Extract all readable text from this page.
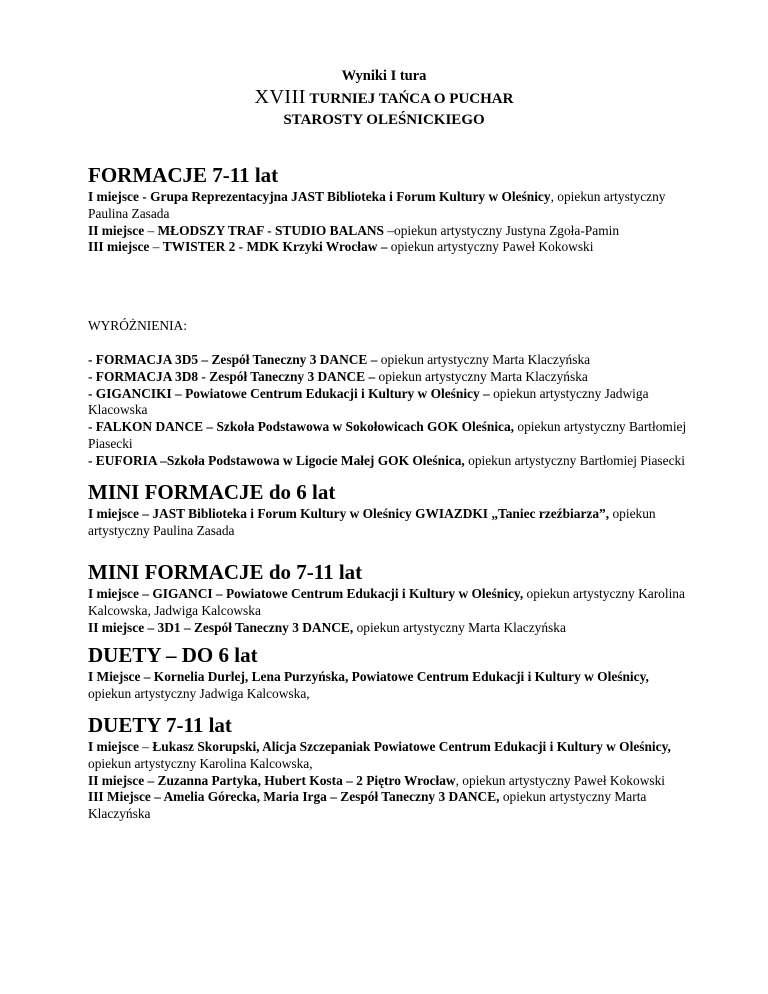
Wyniki I tura
XVIII TURNIEJ TAŃCA O PUCHAR
STAROSTY OLEŚNICKIEGO
FORMACJE 7-11 lat

I miejsce - Grupa Reprezentacyjna JAST Biblioteka i Forum Kultury w Oleśnicy, opiekun artystyczny Paulina Zasada

II miejsce – MŁODSZY TRAF - STUDIO BALANS –opiekun artystyczny Justyna Zgoła-Pamin

III miejsce – TWISTER 2 - MDK Krzyki Wrocław – opiekun artystyczny Paweł Kokowski

WYRÓŻNIENIA:

- FORMACJA 3D5 – Zespół Taneczny 3 DANCE – opiekun artystyczny Marta Klaczyńska

- FORMACJA 3D8 - Zespół Taneczny 3 DANCE – opiekun artystyczny Marta Klaczyńska

- GIGANCIKI – Powiatowe Centrum Edukacji i Kultury w Oleśnicy – opiekun artystyczny Jadwiga Klacowska

- FALKON DANCE – Szkoła Podstawowa w Sokołowicach GOK Oleśnica, opiekun artystyczny Bartłomiej Piasecki

- EUFORIA –Szkoła Podstawowa w Ligocie Małej GOK Oleśnica, opiekun artystyczny Bartłomiej Piasecki

MINI FORMACJE do 6 lat

I miejsce – JAST Biblioteka i Forum Kultury w Oleśnicy GWIAZDKI „Taniec rzeźbiarza”, opiekun artystyczny Paulina Zasada

MINI FORMACJE do 7-11 lat

I miejsce – GIGANCI – Powiatowe Centrum Edukacji i Kultury w Oleśnicy, opiekun artystyczny Karolina Kalcowska, Jadwiga Kalcowska

II miejsce – 3D1 – Zespół Taneczny 3 DANCE, opiekun artystyczny Marta Klaczyńska

DUETY – DO 6 lat

I Miejsce – Kornelia Durlej, Lena Purzyńska, Powiatowe Centrum Edukacji i Kultury w Oleśnicy, opiekun artystyczny Jadwiga Kalcowska,

DUETY 7-11 lat

I miejsce – Łukasz Skorupski, Alicja Szczepaniak Powiatowe Centrum Edukacji i Kultury w Oleśnicy, opiekun artystyczny Karolina Kalcowska,

II miejsce – Zuzanna Partyka, Hubert Kosta – 2 Piętro Wrocław, opiekun artystyczny Paweł Kokowski

III Miejsce – Amelia Górecka, Maria Irga – Zespół Taneczny 3 DANCE, opiekun artystyczny Marta Klaczyńska
